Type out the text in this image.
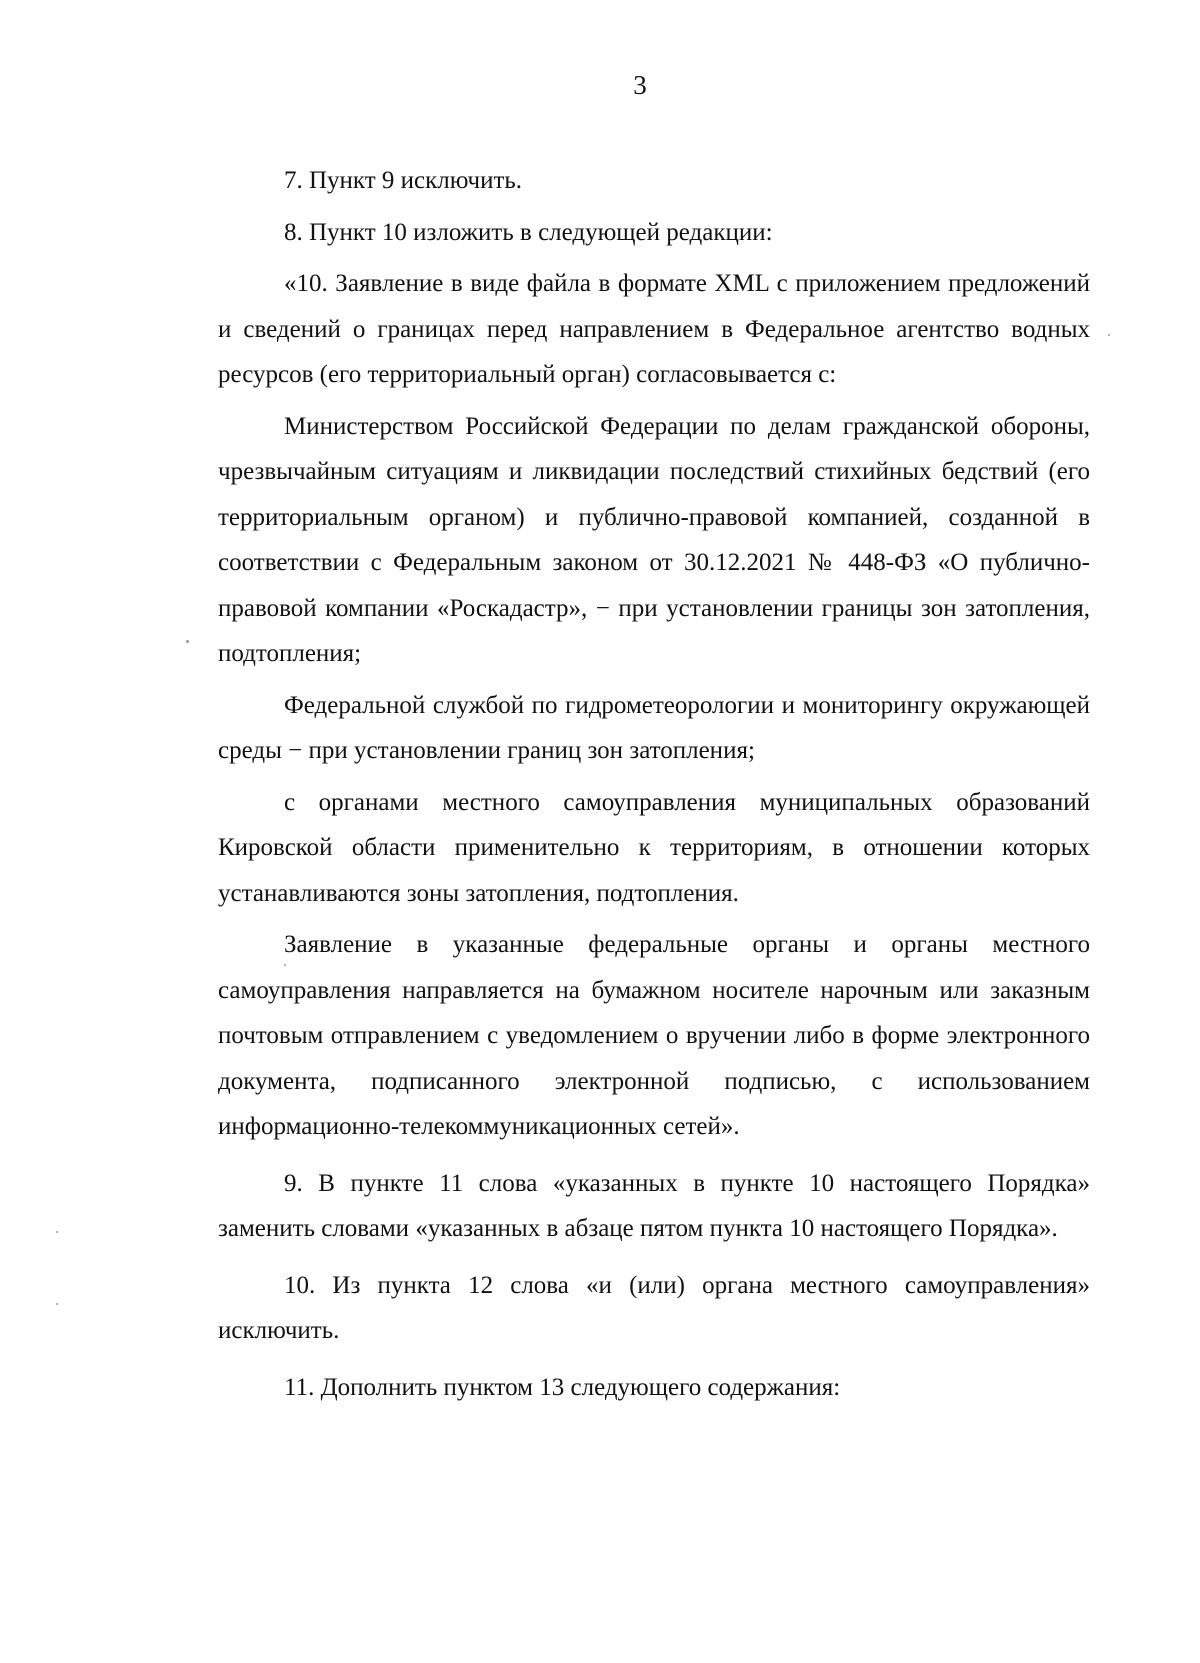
3

7. Пункт 9 исключить.

8. Пункт 10 изложить в следующей редакции:

«10. Заявление в виде файла в формате XML с приложением предложений и сведений о границах перед направлением в Федеральное агентство водных ресурсов (его территориальный орган) согласовывается с:

Министерством Российской Федерации по делам гражданской обороны, чрезвычайным ситуациям и ликвидации последствий стихийных бедствий (его территориальным органом) и публично-правовой компанией, созданной в соответствии с Федеральным законом от 30.12.2021 № 448-ФЗ «О публично-правовой компании «Роскадастр», − при установлении границы зон затопления, подтопления;

Федеральной службой по гидрометеорологии и мониторингу окружающей среды − при установлении границ зон затопления;

с органами местного самоуправления муниципальных образований Кировской области применительно к территориям, в отношении которых устанавливаются зоны затопления, подтопления.

Заявление в указанные федеральные органы и органы местного самоуправления направляется на бумажном носителе нарочным или заказным почтовым отправлением с уведомлением о вручении либо в форме электронного документа, подписанного электронной подписью, с использованием информационно-телекоммуникационных сетей».

9. В пункте 11 слова «указанных в пункте 10 настоящего Порядка» заменить словами «указанных в абзаце пятом пункта 10 настоящего Порядка».

10. Из пункта 12 слова «и (или) органа местного самоуправления» исключить.

11. Дополнить пунктом 13 следующего содержания:
